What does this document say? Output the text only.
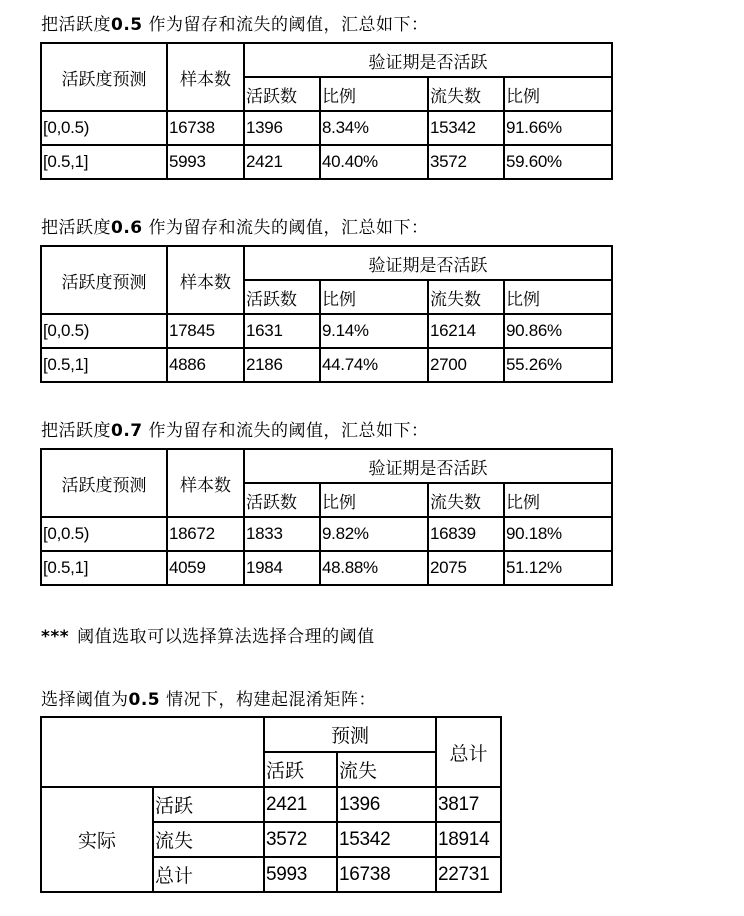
把活跃度0.5 作为留存和流失的阈值，汇总如下：
活跃度预测	样本数	验证期是否活跃			
		活跃数	比例	流失数	比例
[0,0.5)	16738	1396	8.34%	15342	91.66%
[0.5,1]	5993	2421	40.40%	3572	59.60%
把活跃度0.6 作为留存和流失的阈值，汇总如下：
活跃度预测	样本数	验证期是否活跃			
		活跃数	比例	流失数	比例
[0,0.5)	17845	1631	9.14%	16214	90.86%
[0.5,1]	4886	2186	44.74%	2700	55.26%
把活跃度0.7 作为留存和流失的阈值，汇总如下：
活跃度预测	样本数	验证期是否活跃			
		活跃数	比例	流失数	比例
[0,0.5)	18672	1833	9.82%	16839	90.18%
[0.5,1]	4059	1984	48.88%	2075	51.12%
*** 阈值选取可以选择算法选择合理的阈值
选择阈值为0.5 情况下，构建起混淆矩阵：
		预测		总计
		活跃	流失	
实际	活跃	2421	1396	3817
	流失	3572	15342	18914
	总计	5993	16738	22731
